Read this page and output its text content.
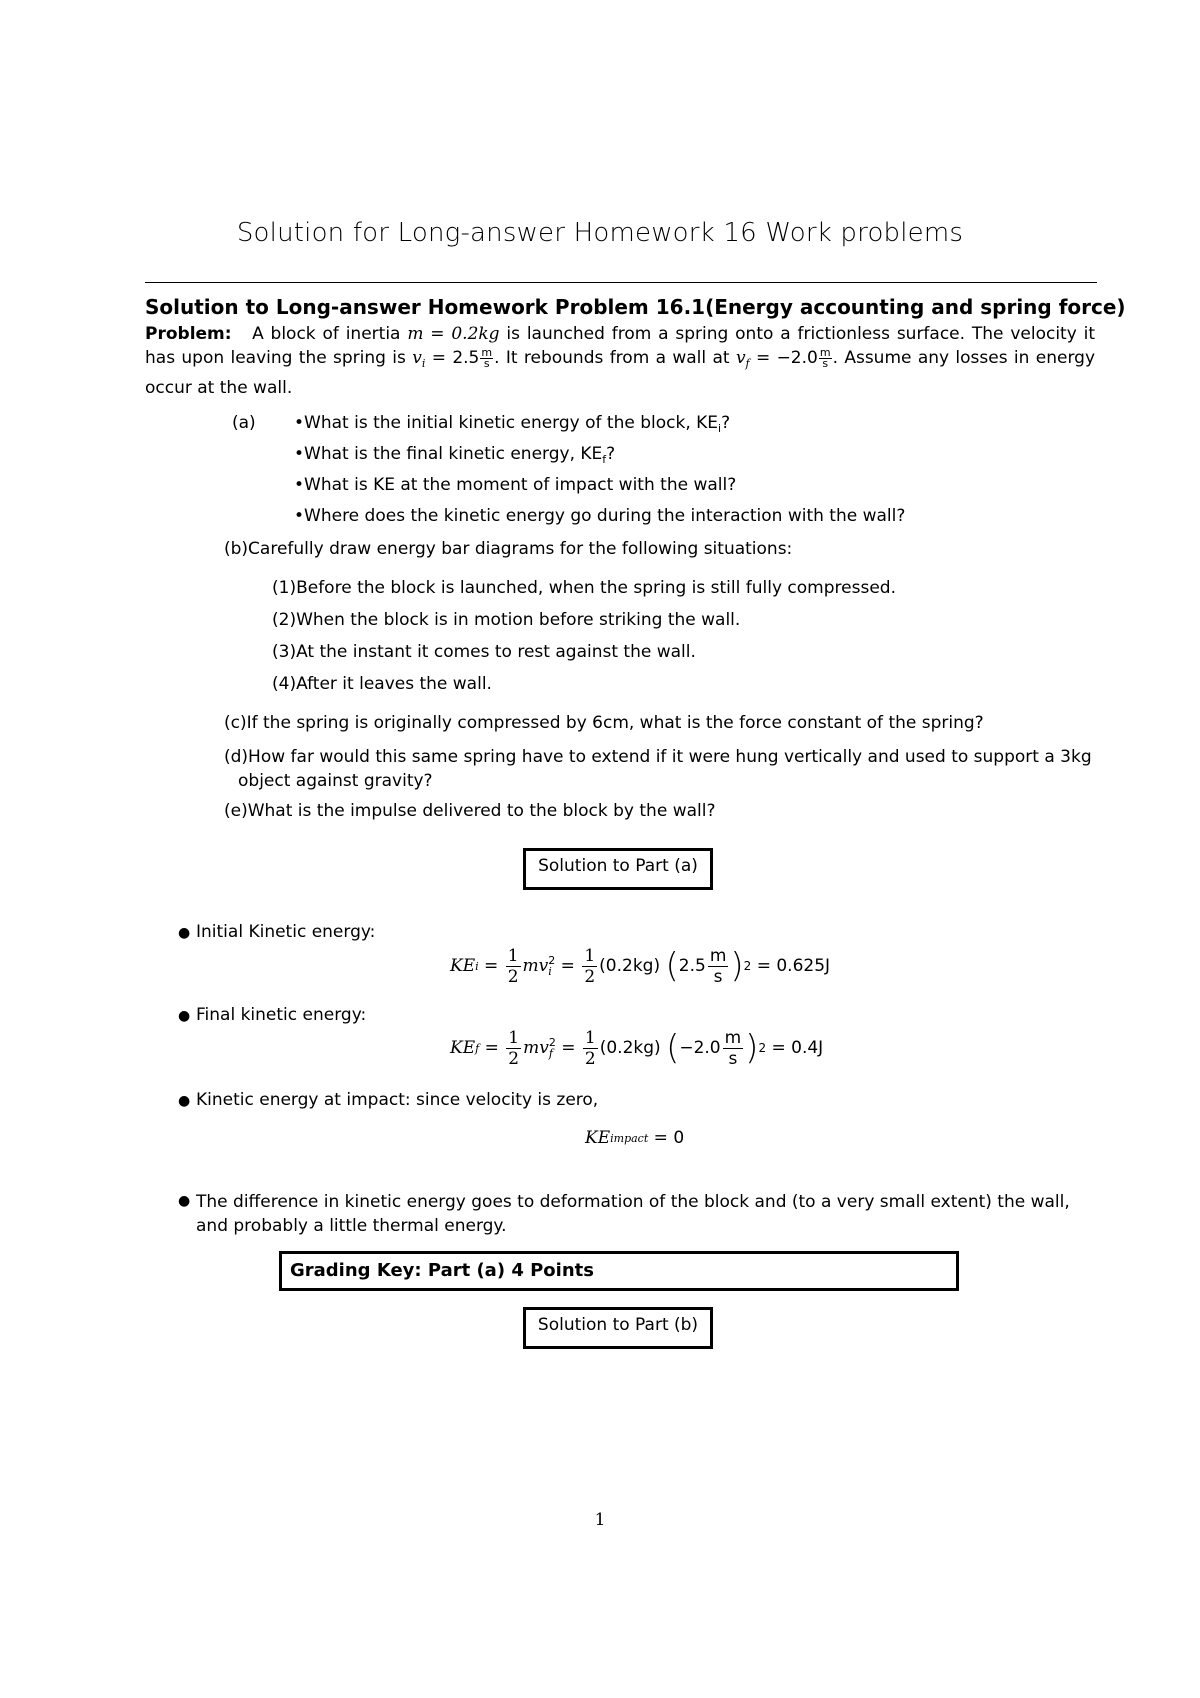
Solution for Long-answer Homework 16 Work problems
Solution to Long-answer Homework Problem 16.1(Energy accounting and spring force)
Problem: A block of inertia m = 0.2kg is launched from a spring onto a frictionless surface. The velocity it has upon leaving the spring is $v_i = 2.5 \frac{m}{s}$ . It rebounds from a wall at $v_f = -2.0 \frac{m}{s}$ . Assume any losses in energy occur at the wall.
(a) •What is the initial kinetic energy of the block, $KE_i$?
•What is the final kinetic energy, $KE_f$?
•What is KE at the moment of impact with the wall?
•Where does the kinetic energy go during the interaction with the wall?
(b)Carefully draw energy bar diagrams for the following situations:
(1)Before the block is launched, when the spring is still fully compressed.
(2)When the block is in motion before striking the wall.
(3)At the instant it comes to rest against the wall.
(4)After it leaves the wall.
(c)If the spring is originally compressed by 6cm, what is the force constant of the spring?
(d)How far would this same spring have to extend if it were hung vertically and used to support a 3kg object against gravity?
(e)What is the impulse delivered to the block by the wall?
Solution to Part (a)
● Initial Kinetic energy:
KE $i = \frac{1}{2}$ mv 2
$i = \frac{1}{2} (0.2kg)$
( 2.5
m
s ) 2
= 0.625J
● Final kinetic energy:
KE $f = \frac{1}{2}$ mv 2
$f = \frac{1}{2} (0.2kg)$
( −2.0
m
s ) 2
= 0.4J
● Kinetic energy at impact: since velocity is zero,
KE impact
= 0
● The difference in kinetic energy goes to deformation of the block and (to a very small extent) the wall, and probably a little thermal energy.
Grading Key: Part (a) 4 Points
Solution to Part (b)
1
